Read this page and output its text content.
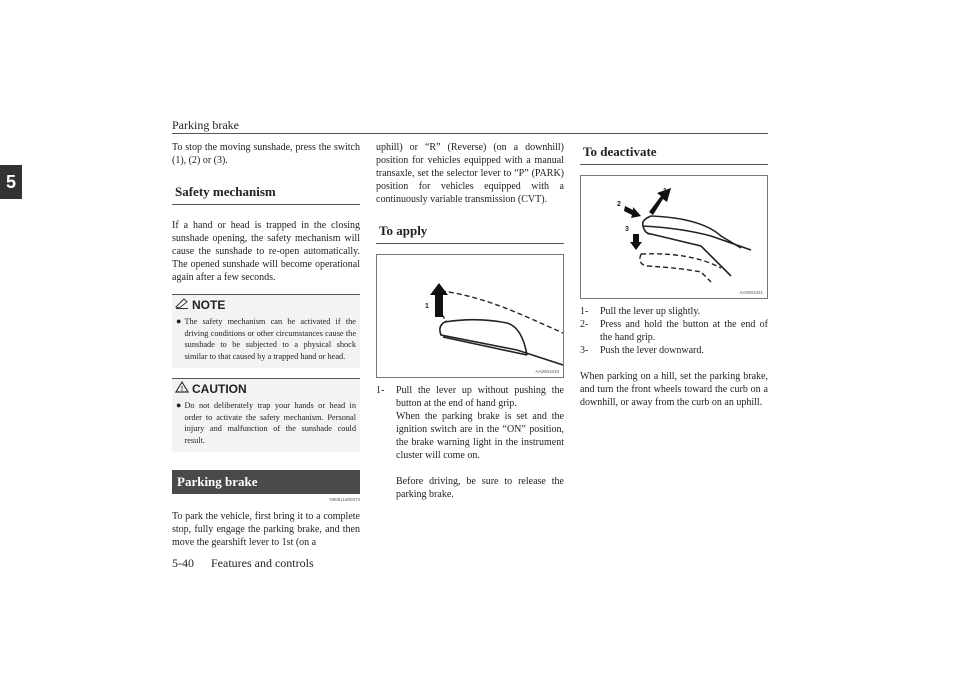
Parking brake
5

To stop the moving sunshade, press the switch (1), (2) or (3).

Safety mechanism

If a hand or head is trapped in the closing sunshade opening, the safety mechanism will cause the sunshade to re-open automatically. The opened sunshade will become operational again after a few seconds.

NOTE
● The safety mechanism can be activated if the driving conditions or other circumstances cause the sunshade to be subjected to a physical shock similar to that caused by a trapped hand or head.
! CAUTION
● Do not deliberately trap your hands or head in order to activate the safety mechanism. Personal injury and malfunction of the sunshade could result.
Parking brake
N00511400373

To park the vehicle, first bring it to a complete stop, fully engage the parking brake, and then move the gearshift lever to 1st (on a

uphill) or “R” (Reverse) (on a downhill) position for vehicles equipped with a manual transaxle, set the selector lever to “P” (PARK) position for vehicles equipped with a continuously variable transmission (CVT).

To apply
1
AA0001010
1-	Pull the lever up without pushing the button at the end of hand grip.

When the parking brake is set and the ignition switch are in the “ON” position, the brake warning light in the instrument cluster will come on.

Before driving, be sure to release the parking brake.

To deactivate
1
2
3
AA0001021
1-	Pull the lever up slightly.
2-	Press and hold the button at the end of the hand grip.
3-	Push the lever downward.

When parking on a hill, set the parking brake, and turn the front wheels toward the curb on a downhill, or away from the curb on an uphill.

5-40 Features and controls
